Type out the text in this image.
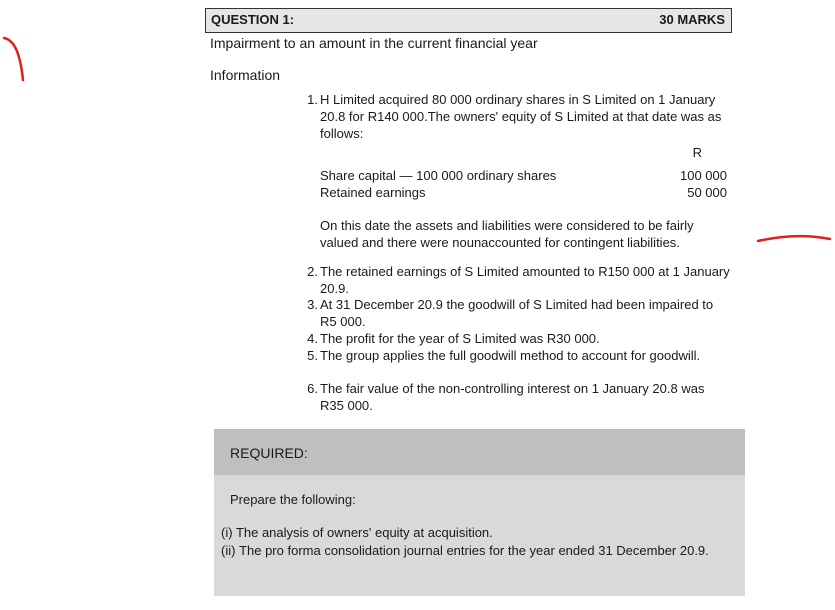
QUESTION 1:	30 MARKS
Impairment to an amount in the current financial year
Information
1. H Limited acquired 80 000 ordinary shares in S Limited on 1 January 20.8 for R140 000.The owners' equity of S Limited at that date was as follows:
R
Share capital — 100 000 ordinary shares	100 000
Retained earnings	50 000
On this date the assets and liabilities were considered to be fairly valued and there were nounaccounted for contingent liabilities.
2. The retained earnings of S Limited amounted to R150 000 at 1 January 20.9.
3. At 31 December 20.9 the goodwill of S Limited had been impaired to R5 000.
4. The profit for the year of S Limited was R30 000.
5. The group applies the full goodwill method to account for goodwill.
6. The fair value of the non-controlling interest on 1 January 20.8 was R35 000.
REQUIRED:
Prepare the following:
(i) The analysis of owners' equity at acquisition.
(ii) The pro forma consolidation journal entries for the year ended 31 December 20.9.
